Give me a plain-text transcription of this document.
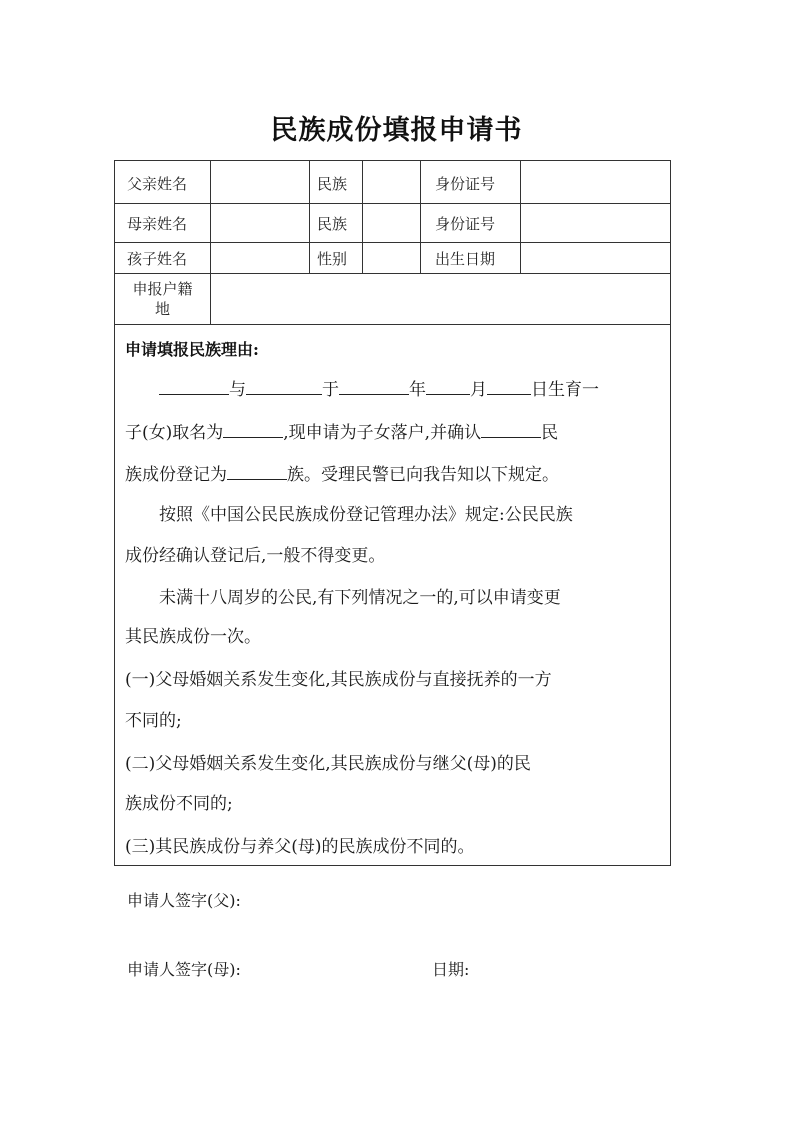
民族成份填报申请书
父亲姓名	民族	身份证号
母亲姓名	民族	身份证号
孩子姓名	性别	出生日期
申报户籍
地
申请填报民族理由:
与	于	年	月	日生育一
子(女)取名为	,现申请为子女落户,并确认	民
族成份登记为	族。受理民警已向我告知以下规定。
按照《中国公民民族成份登记管理办法》规定:公民民族
成份经确认登记后,一般不得变更。
未满十八周岁的公民,有下列情况之一的,可以申请变更
其民族成份一次。
(一)父母婚姻关系发生变化,其民族成份与直接抚养的一方
不同的;
(二)父母婚姻关系发生变化,其民族成份与继父(母)的民
族成份不同的;
(三)其民族成份与养父(母)的民族成份不同的。
申请人签字(父):
申请人签字(母):	日期:
